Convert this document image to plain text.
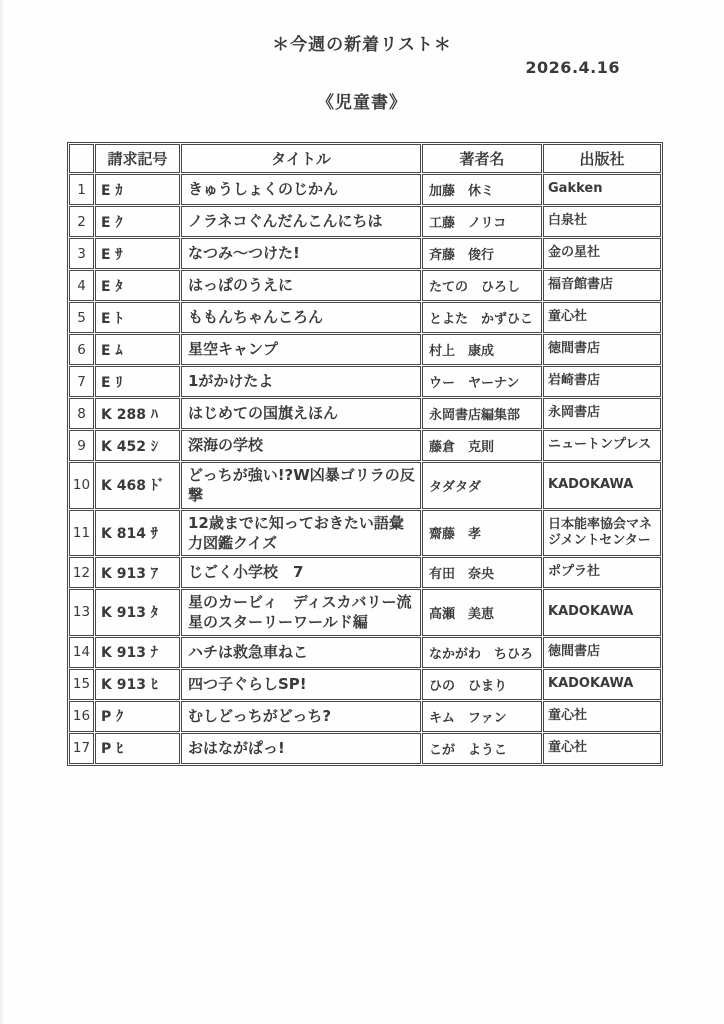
＊今週の新着リスト＊
2026.4.16
《児童書》
	請求記号	タイトル	著者名	出版社
1	E ｶ	きゅうしょくのじかん	加藤　休ミ	Gakken
2	E ｸ	ノラネコぐんだんこんにちは	工藤　ノリコ	白泉社
3	E ｻ	なつみ～つけた!	斉藤　俊行	金の星社
4	E ﾀ	はっぱのうえに	たての　ひろし	福音館書店
5	E ﾄ	ももんちゃんころん	とよた　かずひこ	童心社
6	E ﾑ	星空キャンプ	村上　康成	徳間書店
7	E ﾘ	1がかけたよ	ウー　ヤーナン	岩崎書店
8	K 288 ﾊ	はじめての国旗えほん	永岡書店編集部	永岡書店
9	K 452 ｼ	深海の学校	藤倉　克則	ニュートンプレス
10	K 468 ﾄﾞ	どっちが強い!?W凶暴ゴリラの反撃	タダタダ	KADOKAWA
11	K 814 ｻ	12歳までに知っておきたい語彙力図鑑クイズ	齋藤　孝	日本能率協会マネジメントセンター
12	K 913 ｱ	じごく小学校　7	有田　奈央	ポプラ社
13	K 913 ﾀ	星のカービィ　ディスカバリー流星のスターリーワールド編	高瀬　美恵	KADOKAWA
14	K 913 ﾅ	ハチは救急車ねこ	なかがわ　ちひろ	徳間書店
15	K 913 ﾋ	四つ子ぐらしSP!	ひの　ひまり	KADOKAWA
16	P ｸ	むしどっちがどっち?	キム　ファン	童心社
17	P ﾋ	おはながぱっ!	こが　ようこ	童心社
